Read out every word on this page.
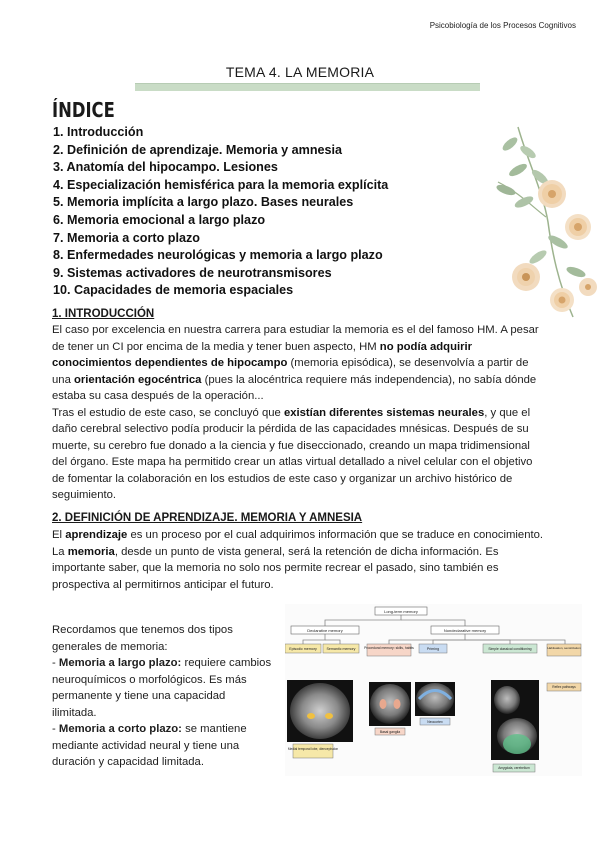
Psicobiología de los Procesos Cognitivos
TEMA 4. LA MEMORIA
ÍNDICE
1. Introducción
2. Definición de aprendizaje. Memoria y amnesia
3. Anatomía del hipocampo. Lesiones
4. Especialización hemisférica para la memoria explícita
5. Memoria implícita a largo plazo. Bases neurales
6. Memoria emocional a largo plazo
7. Memoria a corto plazo
8. Enfermedades neurológicas y memoria a largo plazo
9. Sistemas activadores de neurotransmisores
10. Capacidades de memoria espaciales
1. INTRODUCCIÓN
El caso por excelencia en nuestra carrera para estudiar la memoria es el del famoso HM. A pesar
de tener un CI por encima de la media y tener buen aspecto, HM no podía adquirir
conocimientos dependientes de hipocampo (memoria episódica), se desenvolvía a partir de
una orientación egocéntrica (pues la alocéntrica requiere más independencia), no sabía dónde
estaba su casa después de la operación...
Tras el estudio de este caso, se concluyó que existían diferentes sistemas neurales, y que el
daño cerebral selectivo podía producir la pérdida de las capacidades mnésicas. Después de su
muerte, su cerebro fue donado a la ciencia y fue diseccionado, creando un mapa tridimensional
del órgano. Este mapa ha permitido crear un atlas virtual detallado a nivel celular con el objetivo
de fomentar la colaboración en los estudios de este caso y organizar un archivo histórico de
seguimiento.
2. DEFINICIÓN DE APRENDIZAJE. MEMORIA Y AMNESIA
El aprendizaje es un proceso por el cual adquirimos información que se traduce en conocimiento.
La memoria, desde un punto de vista general, será la retención de dicha información. Es
importante saber, que la memoria no solo nos permite recrear el pasado, sino también es
prospectiva al permitirnos anticipar el futuro.
Recordamos que tenemos dos tipos
generales de memoria:
- Memoria a largo plazo: requiere cambios
neuroquímicos o morfológicos. Es más
permanente y tiene una capacidad
ilimitada.
- Memoria a corto plazo: se mantiene
mediante actividad neural y tiene una
duración y capacidad limitada.
Long-term memory
Declarative memory	Nondeclarative memory
Episodic memory	Semantic memory	Procedural memory: skills, habits	Priming	Simple classical conditioning	Habituation, sensitization
Reflex pathways
Medial temporal lobe, diencephalon
Basal ganglia
Neocortex
Amygdala, cerebellum
